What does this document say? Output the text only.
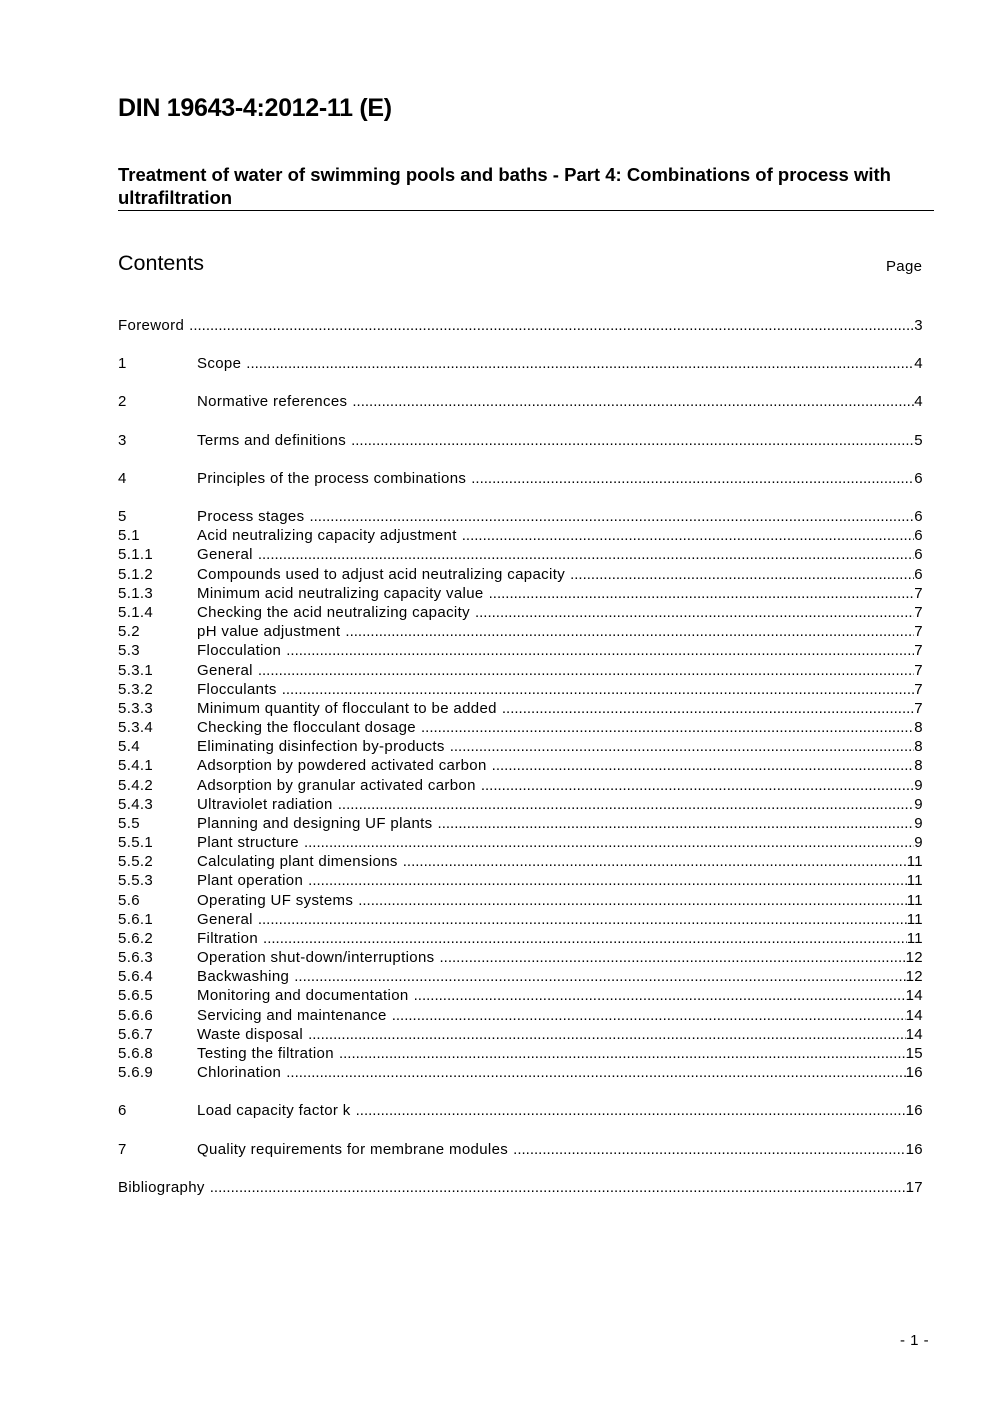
DIN 19643-4:2012-11 (E)
Treatment of water of swimming pools and baths - Part 4: Combinations of process with ultrafiltration
Contents	Page
Foreword .....	3
1	Scope .....	4
2	Normative references .....	4
3	Terms and definitions .....	5
4	Principles of the process combinations .....	6
5	Process stages .....	6
5.1	Acid neutralizing capacity adjustment .....	6
5.1.1	General .....	6
5.1.2	Compounds used to adjust acid neutralizing capacity .....	6
5.1.3	Minimum acid neutralizing capacity value .....	7
5.1.4	Checking the acid neutralizing capacity .....	7
5.2	pH value adjustment .....	7
5.3	Flocculation .....	7
5.3.1	General .....	7
5.3.2	Flocculants .....	7
5.3.3	Minimum quantity of flocculant to be added .....	7
5.3.4	Checking the flocculant dosage .....	8
5.4	Eliminating disinfection by-products .....	8
5.4.1	Adsorption by powdered activated carbon .....	8
5.4.2	Adsorption by granular activated carbon .....	9
5.4.3	Ultraviolet radiation .....	9
5.5	Planning and designing UF plants .....	9
5.5.1	Plant structure .....	9
5.5.2	Calculating plant dimensions .....	11
5.5.3	Plant operation .....	11
5.6	Operating UF systems .....	11
5.6.1	General .....	11
5.6.2	Filtration .....	11
5.6.3	Operation shut-down/interruptions .....	12
5.6.4	Backwashing .....	12
5.6.5	Monitoring and documentation .....	14
5.6.6	Servicing and maintenance .....	14
5.6.7	Waste disposal .....	14
5.6.8	Testing the filtration .....	15
5.6.9	Chlorination .....	16
6	Load capacity factor k .....	16
7	Quality requirements for membrane modules .....	16
Bibliography .....	17
- 1 -
